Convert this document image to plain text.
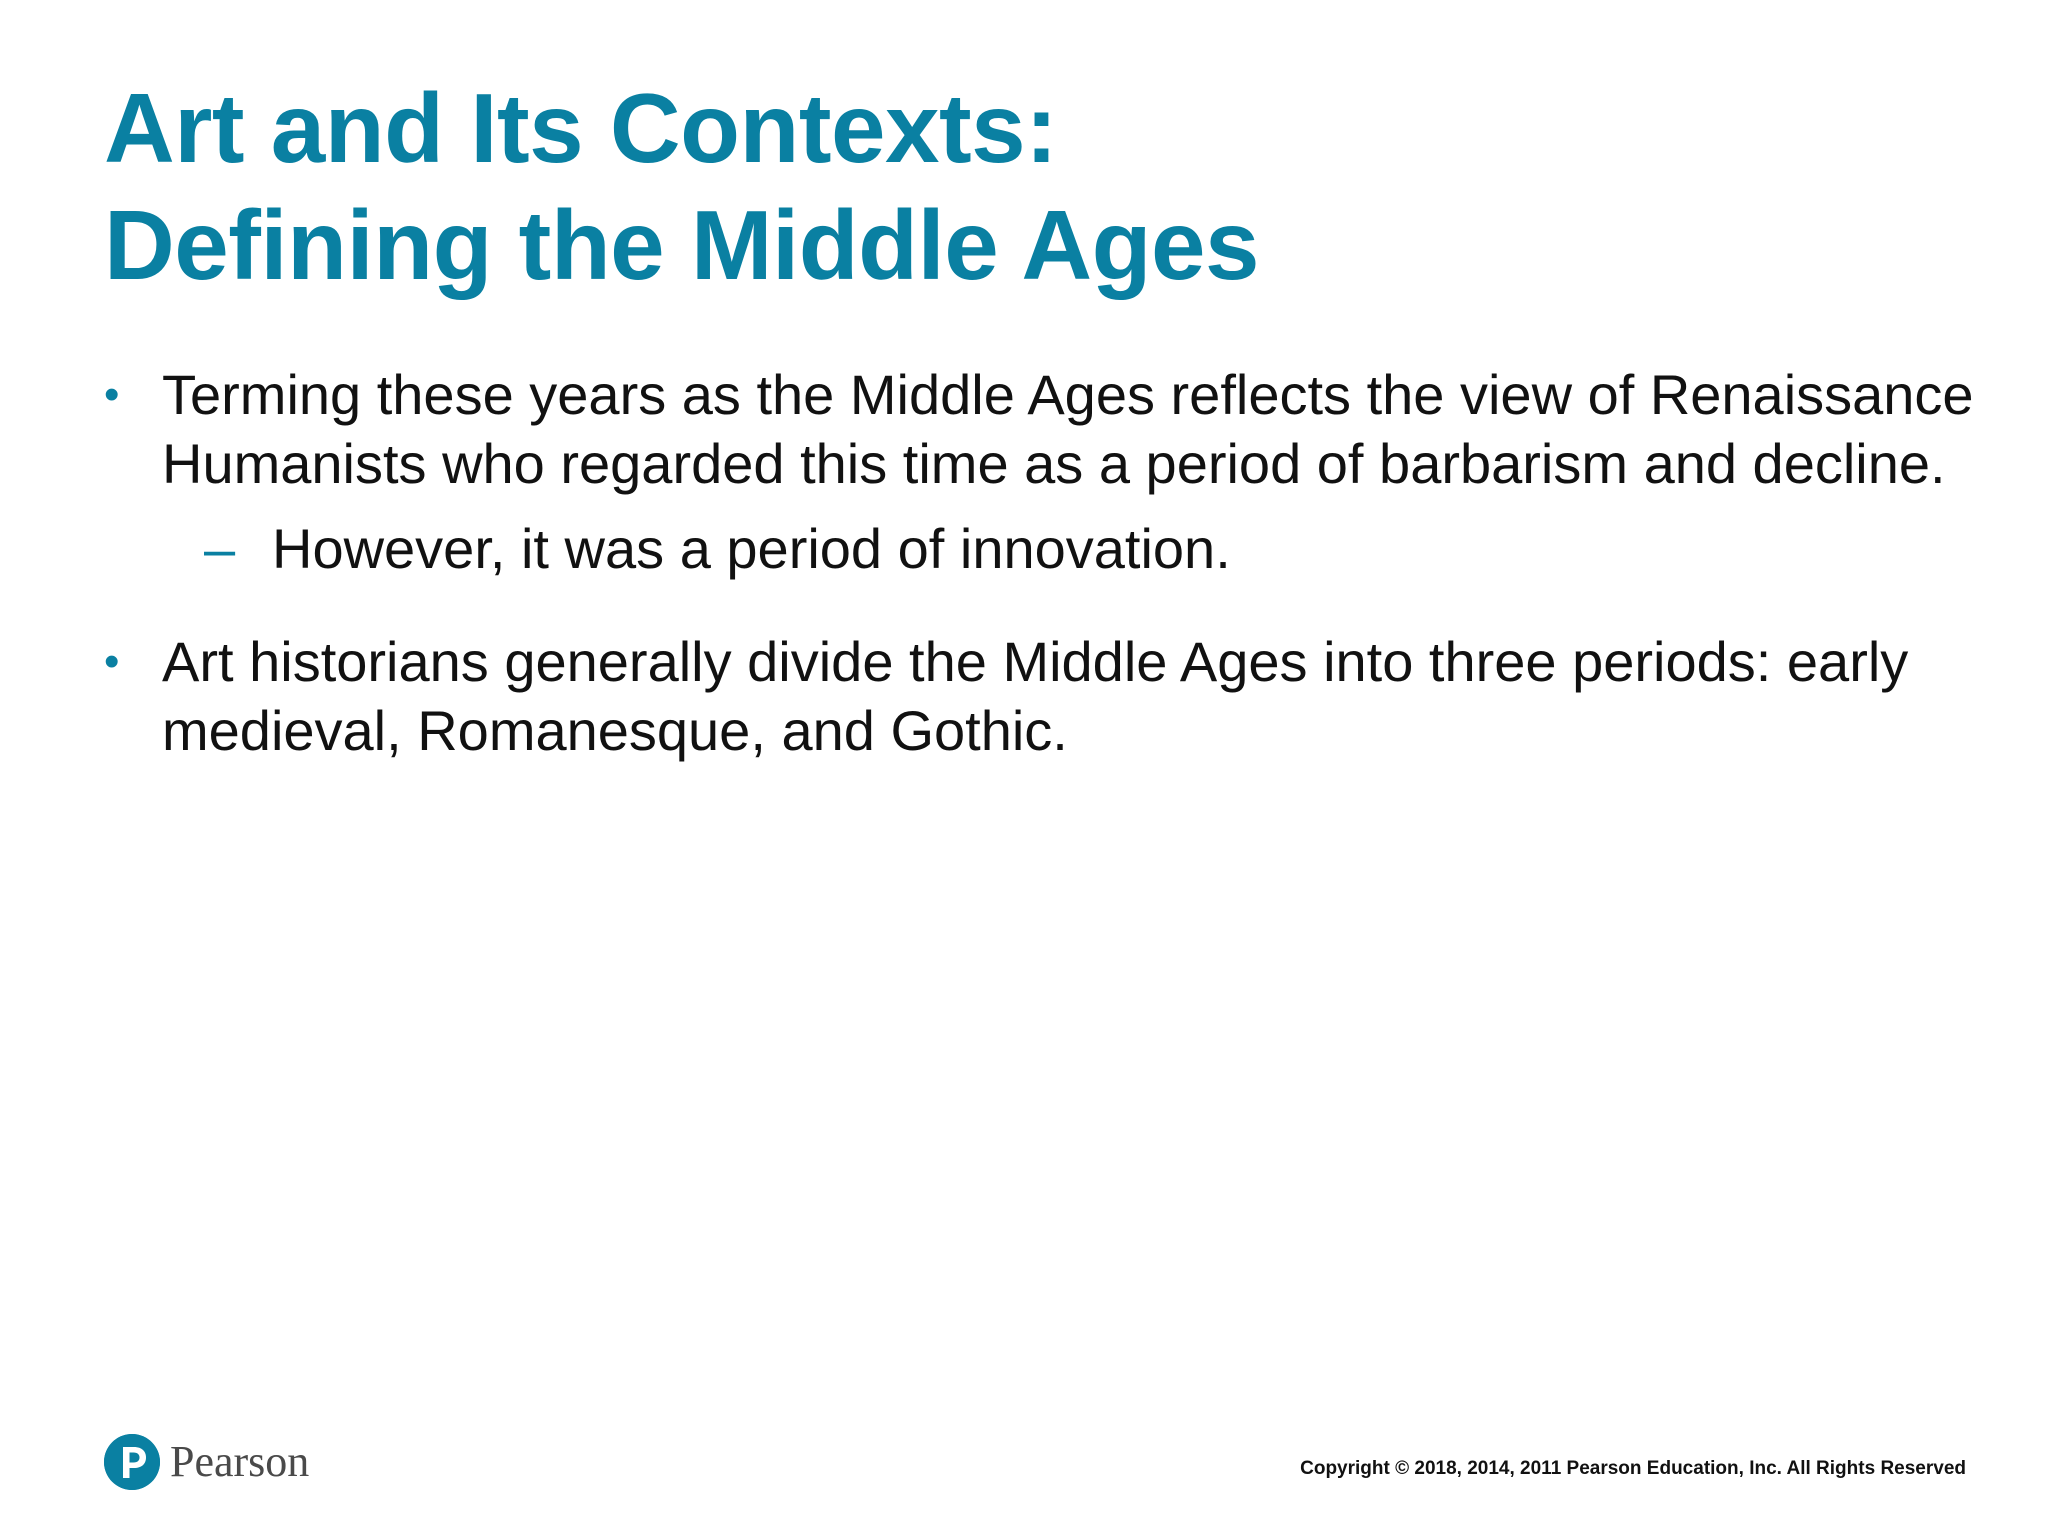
Art and Its Contexts:
Defining the Middle Ages
• Terming these years as the Middle Ages reflects the view of Renaissance Humanists who regarded this time as a period of barbarism and decline.
– However, it was a period of innovation.
• Art historians generally divide the Middle Ages into three periods: early medieval, Romanesque, and Gothic.
Pearson	Copyright © 2018, 2014, 2011 Pearson Education, Inc. All Rights Reserved
